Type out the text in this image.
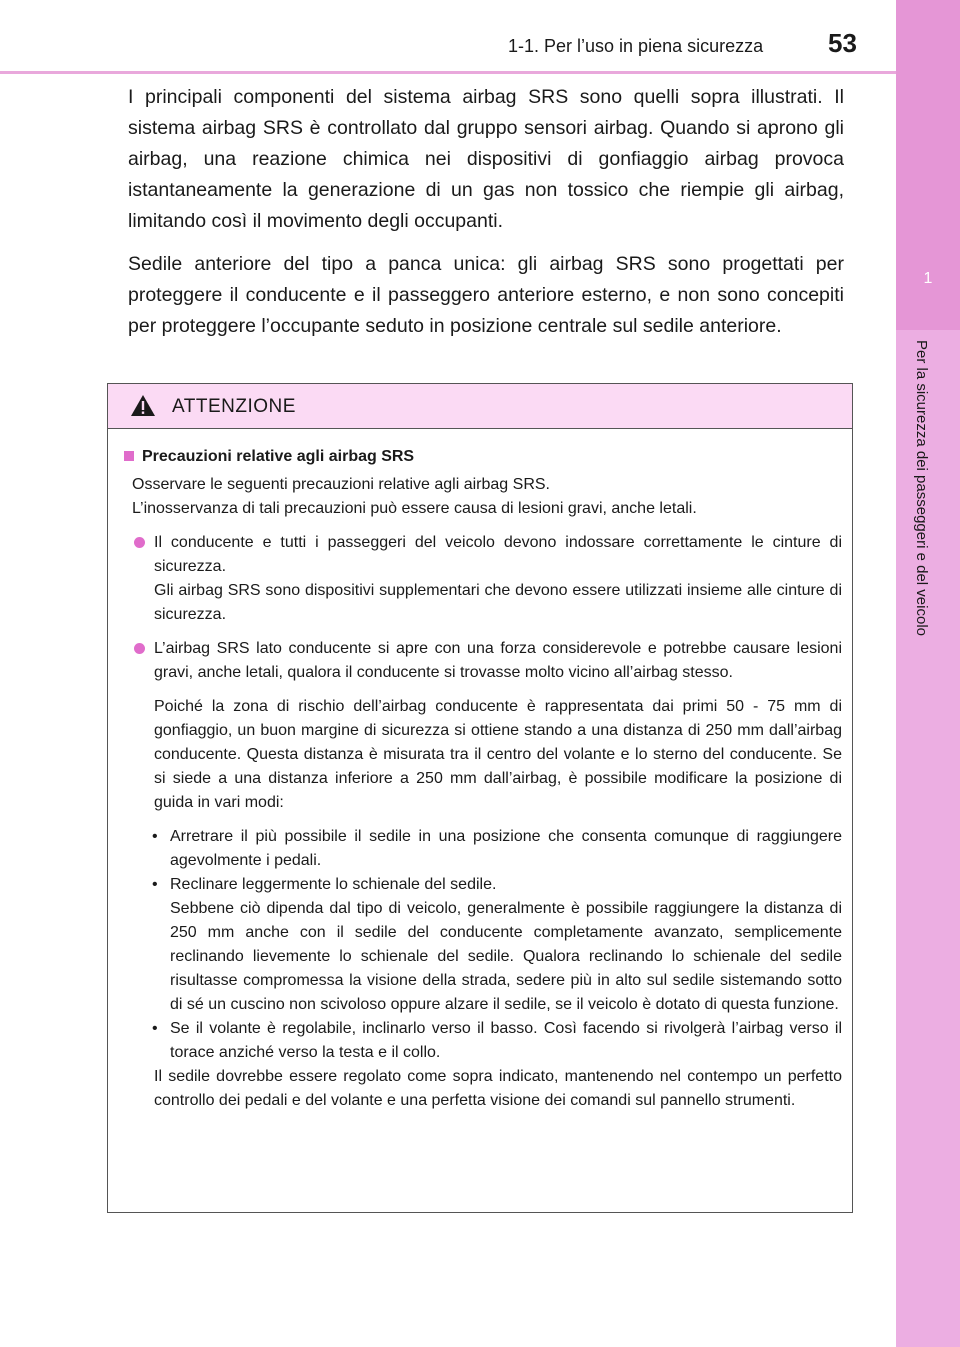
1-1. Per l’uso in piena sicurezza 53
1
Per la sicurezza dei passeggeri e del veicolo

I principali componenti del sistema airbag SRS sono quelli sopra illustrati. Il sistema airbag SRS è controllato dal gruppo sensori airbag. Quando si aprono gli airbag, una reazione chimica nei dispositivi di gonfiaggio airbag provoca istantaneamente la generazione di un gas non tossico che riempie gli airbag, limitando così il movimento degli occupanti.

Sedile anteriore del tipo a panca unica: gli airbag SRS sono progettati per proteggere il conducente e il passeggero anteriore esterno, e non sono concepiti per proteggere l’occupante seduto in posizione centrale sul sedile anteriore.

ATTENZIONE
Precauzioni relative agli airbag SRS

Osservare le seguenti precauzioni relative agli airbag SRS.
L’inosservanza di tali precauzioni può essere causa di lesioni gravi, anche letali.

Il conducente e tutti i passeggeri del veicolo devono indossare correttamente le cinture di sicurezza.
Gli airbag SRS sono dispositivi supplementari che devono essere utilizzati insieme alle cinture di sicurezza.
L’airbag SRS lato conducente si apre con una forza considerevole e potrebbe causare lesioni gravi, anche letali, qualora il conducente si trovasse molto vicino all’airbag stesso.

Poiché la zona di rischio dell’airbag conducente è rappresentata dai primi 50 - 75 mm di gonfiaggio, un buon margine di sicurezza si ottiene stando a una distanza di 250 mm dall’airbag conducente. Questa distanza è misurata tra il centro del volante e lo sterno del conducente. Se si siede a una distanza inferiore a 250 mm dall’airbag, è possibile modificare la posizione di guida in vari modi:

• Arretrare il più possibile il sedile in una posizione che consenta comunque di raggiungere agevolmente i pedali.
• Reclinare leggermente lo schienale del sedile.
Sebbene ciò dipenda dal tipo di veicolo, generalmente è possibile raggiungere la distanza di 250 mm anche con il sedile del conducente completamente avanzato, semplicemente reclinando lievemente lo schienale del sedile. Qualora reclinando lo schienale del sedile risultasse compromessa la visione della strada, sedere più in alto sul sedile sistemando sotto di sé un cuscino non scivoloso oppure alzare il sedile, se il veicolo è dotato di questa funzione.
• Se il volante è regolabile, inclinarlo verso il basso. Così facendo si rivolgerà l’airbag verso il torace anziché verso la testa e il collo.

Il sedile dovrebbe essere regolato come sopra indicato, mantenendo nel contempo un perfetto controllo dei pedali e del volante e una perfetta visione dei comandi sul pannello strumenti.
